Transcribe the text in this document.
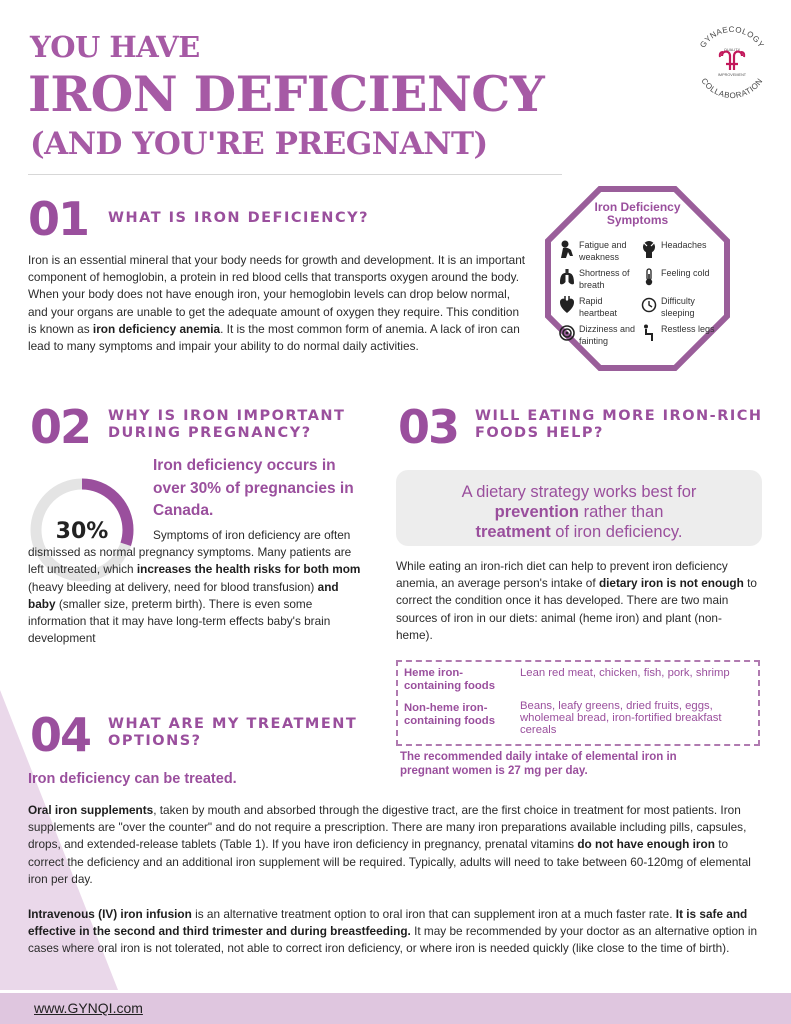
YOU HAVE
IRON DEFICIENCY
(AND YOU'RE PREGNANT)
GYNAECOLOGY
COLLABORATION
QUALITY
IMPROVEMENT
01 WHAT IS IRON DEFICIENCY?
Iron is an essential mineral that your body needs for growth and development. It is an important component of hemoglobin, a protein in red blood cells that transports oxygen around the body. When your body does not have enough iron, your hemoglobin levels can drop below normal, and your organs are unable to get the adequate amount of oxygen they require. This condition is known as iron deficiency anemia. It is the most common form of anemia. A lack of iron can lead to many symptoms and impair your ability to do normal daily activities.
Iron Deficiency Symptoms
Fatigue and weakness
Headaches
Shortness of breath
Feeling cold
Rapid heartbeat
Difficulty sleeping
Dizziness and fainting
Restless legs
02 WHY IS IRON IMPORTANT
DURING PREGNANCY?
30%
Iron deficiency occurs in over 30% of pregnancies in Canada.
Symptoms of iron deficiency are often dismissed as normal pregnancy symptoms. Many patients are left untreated, which increases the health risks for both mom (heavy bleeding at delivery, need for blood transfusion) and baby (smaller size, preterm birth). There is even some information that it may have long-term effects baby's brain development
03 WILL EATING MORE IRON-RICH
FOODS HELP?
A dietary strategy works best for
prevention rather than
treatment of iron deficiency.
While eating an iron-rich diet can help to prevent iron deficiency anemia, an average person's intake of dietary iron is not enough to correct the condition once it has developed. There are two main sources of iron in our diets: animal (heme iron) and plant (non-heme).
Heme iron-containing foods
Lean red meat, chicken, fish, pork, shrimp
Non-heme iron-containing foods
Beans, leafy greens, dried fruits, eggs, wholemeal bread, iron-fortified breakfast cereals
The recommended daily intake of elemental iron in pregnant women is 27 mg per day.
04 WHAT ARE MY TREATMENT
OPTIONS?
Iron deficiency can be treated.
Oral iron supplements, taken by mouth and absorbed through the digestive tract, are the first choice in treatment for most patients. Iron supplements are "over the counter" and do not require a prescription. There are many iron preparations available including pills, capsules, drops, and extended-release tablets (Table 1). If you have iron deficiency in pregnancy, prenatal vitamins do not have enough iron to correct the deficiency and an additional iron supplement will be required. Typically, adults will need to take between 60-120mg of elemental iron per day.
Intravenous (IV) iron infusion is an alternative treatment option to oral iron that can supplement iron at a much faster rate. It is safe and effective in the second and third trimester and during breastfeeding. It may be recommended by your doctor as an alternative option in cases where oral iron is not tolerated, not able to correct iron deficiency, or where iron is needed quickly (like close to the time of birth).
www.GYNQI.com
